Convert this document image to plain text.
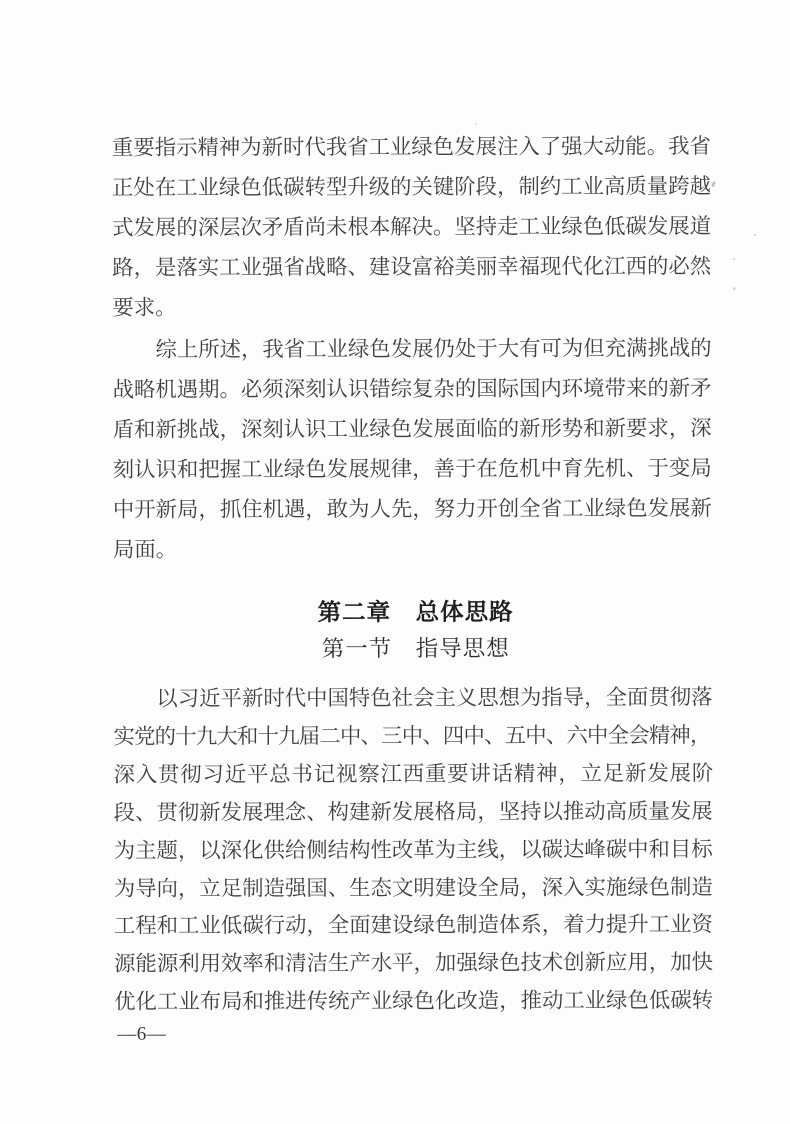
重要指示精神为新时代我省工业绿色发展注入了强大动能。我省
正处在工业绿色低碳转型升级的关键阶段，制约工业高质量跨越
式发展的深层次矛盾尚未根本解决。坚持走工业绿色低碳发展道
路，是落实工业强省战略、建设富裕美丽幸福现代化江西的必然
要求。
综上所述，我省工业绿色发展仍处于大有可为但充满挑战的
战略机遇期。必须深刻认识错综复杂的国际国内环境带来的新矛
盾和新挑战，深刻认识工业绿色发展面临的新形势和新要求，深
刻认识和把握工业绿色发展规律，善于在危机中育先机、于变局
中开新局，抓住机遇，敢为人先，努力开创全省工业绿色发展新
局面。
第二章　总体思路
第一节　指导思想
以习近平新时代中国特色社会主义思想为指导，全面贯彻落
实党的十九大和十九届二中、三中、四中、五中、六中全会精神，
深入贯彻习近平总书记视察江西重要讲话精神，立足新发展阶
段、贯彻新发展理念、构建新发展格局，坚持以推动高质量发展
为主题，以深化供给侧结构性改革为主线，以碳达峰碳中和目标
为导向，立足制造强国、生态文明建设全局，深入实施绿色制造
工程和工业低碳行动，全面建设绿色制造体系，着力提升工业资
源能源利用效率和清洁生产水平，加强绿色技术创新应用，加快
优化工业布局和推进传统产业绿色化改造，推动工业绿色低碳转
—6—
